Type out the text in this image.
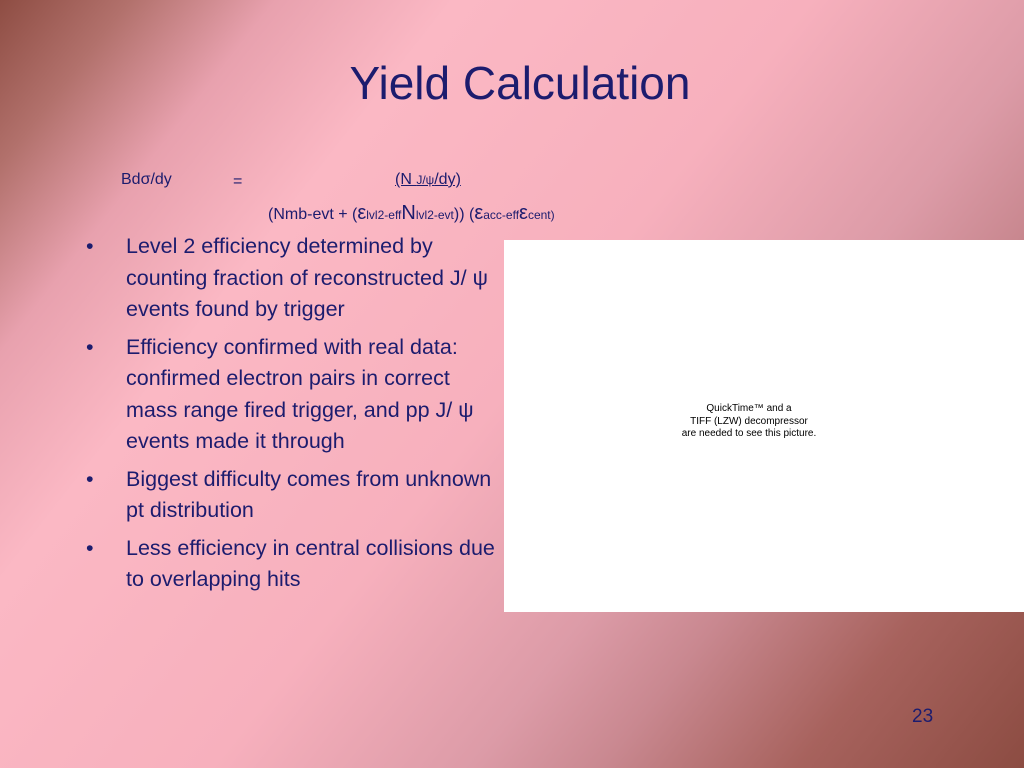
Yield Calculation
Bdσ/dy	=	(N J/ψ/dy)
(Nmb-evt + (εlvl2-effNlvl2-evt)) (εacc-effεcent)
• Level 2 efficiency determined by counting fraction of reconstructed J/ ψ events found by trigger
• Efficiency confirmed with real data: confirmed electron pairs in correct mass range fired trigger, and pp J/ ψ events made it through
• Biggest difficulty comes from unknown pt distribution
• Less efficiency in central collisions due to overlapping hits
QuickTime™ and a
TIFF (LZW) decompressor
are needed to see this picture.
23
